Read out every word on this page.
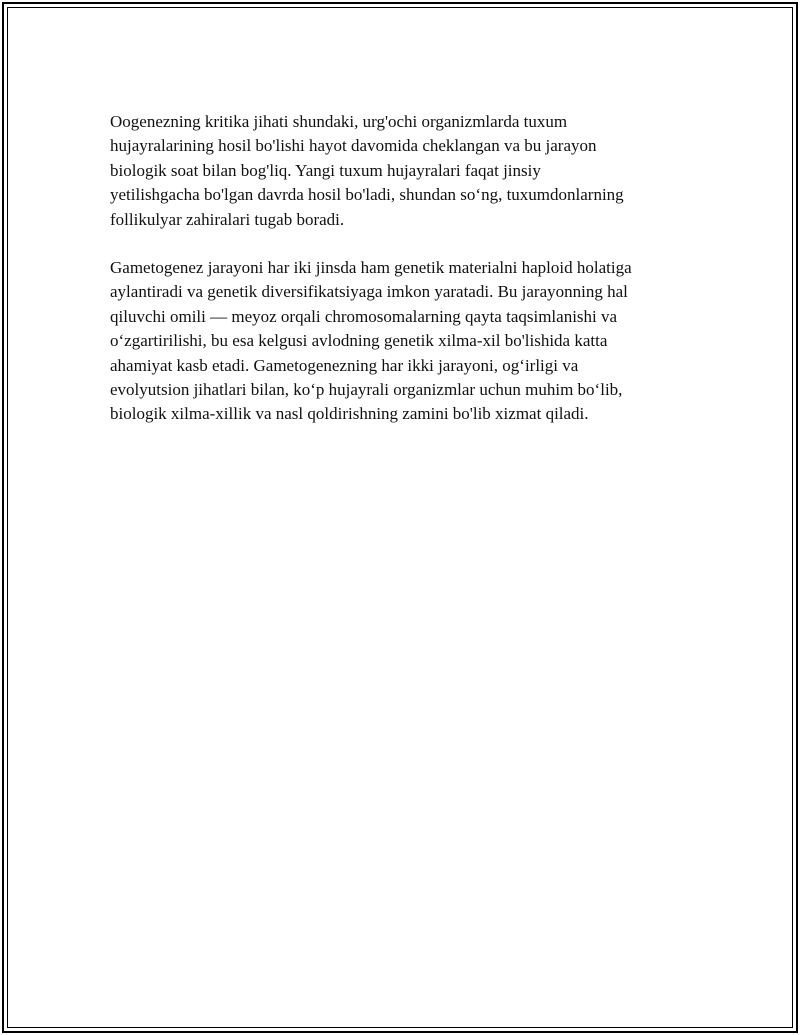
Oogenezning kritika jihati shundaki, urg'ochi organizmlarda tuxum
hujayralarining hosil bo'lishi hayot davomida cheklangan va bu jarayon
biologik soat bilan bog'liq. Yangi tuxum hujayralari faqat jinsiy
yetilishgacha bo'lgan davrda hosil bo'ladi, shundan so‘ng, tuxumdonlarning
follikulyar zahiralari tugab boradi.

Gametogenez jarayoni har iki jinsda ham genetik materialni haploid holatiga
aylantiradi va genetik diversifikatsiyaga imkon yaratadi. Bu jarayonning hal
qiluvchi omili — meyoz orqali chromosomalarning qayta taqsimlanishi va
o‘zgartirilishi, bu esa kelgusi avlodning genetik xilma-xil bo'lishida katta
ahamiyat kasb etadi. Gametogenezning har ikki jarayoni, og‘irligi va
evolyutsion jihatlari bilan, ko‘p hujayrali organizmlar uchun muhim bo‘lib,
biologik xilma-xillik va nasl qoldirishning zamini bo'lib xizmat qiladi.
